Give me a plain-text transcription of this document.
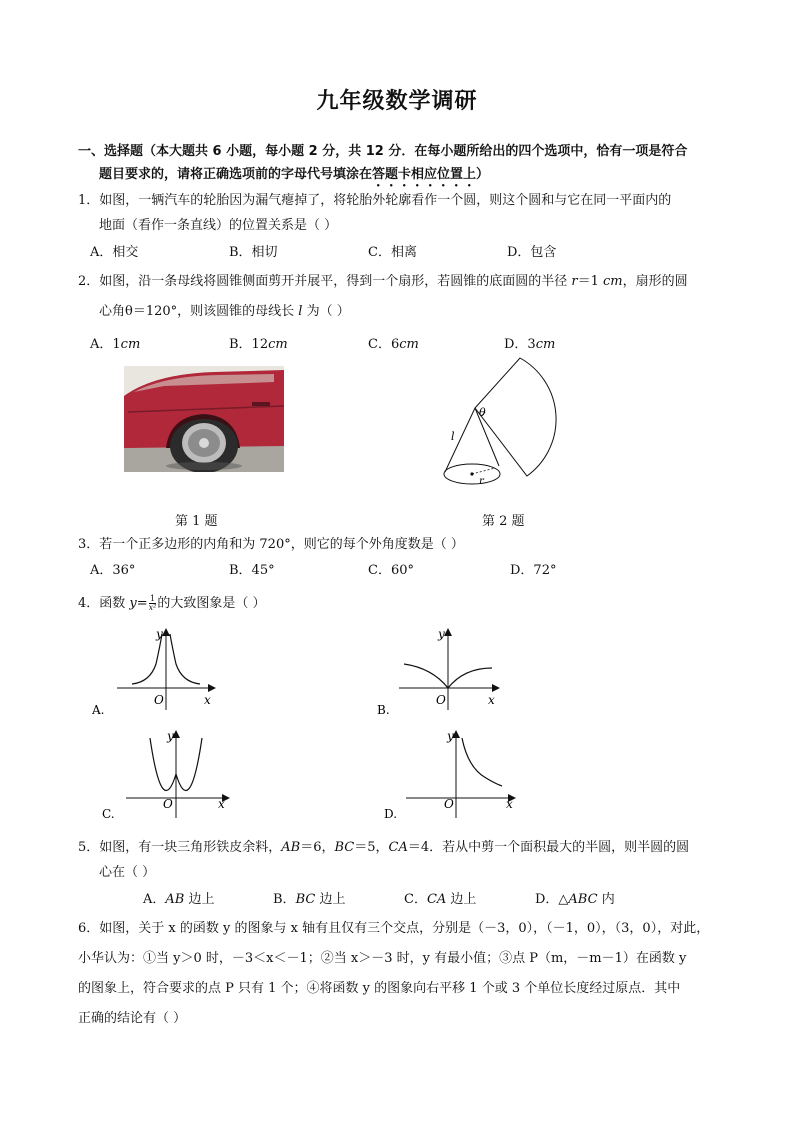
九年级数学调研
一、选择题（本大题共 6 小题，每小题 2 分，共 12 分．在每小题所给出的四个选项中，恰有一项是符合
题目要求的，请将正确选项前的字母代号填涂在答题卡相应位置上）
1．如图，一辆汽车的轮胎因为漏气瘪掉了，将轮胎外轮廓看作一个圆，则这个圆和与它在同一平面内的
地面（看作一条直线）的位置关系是（ ）
A．相交	B．相切	C．相离	D．包含
2．如图，沿一条母线将圆锥侧面剪开并展平，得到一个扇形，若圆锥的底面圆的半径 r＝1 cm，扇形的圆
心角θ＝120°，则该圆锥的母线长 l 为（ ）
A．1cm	B．12cm	C．6cm	D．3cm
第 1 题
θ
l
r
第 2 题
3．若一个正多边形的内角和为 720°，则它的每个外角度数是（ ）
A．36°	B．45°	C．60°	D．72°
4．函数 $y= \frac{1}{\text{x²}}$ 的大致图象是（ ）
x
y
O
A.
x
y
O
B.
x
y
O
C.
x
y
O
D.
5．如图，有一块三角形铁皮余料，AB＝6，BC＝5，CA＝4．若从中剪一个面积最大的半圆，则半圆的圆
心在（ ）
A．AB 边上	B．BC 边上	C．CA 边上	D．△ABC 内
6．如图，关于 x 的函数 y 的图象与 x 轴有且仅有三个交点，分别是（－3，0），（－1，0），（3，0），对此，
小华认为：①当 y＞0 时，－3＜x＜－1；②当 x＞－3 时，y 有最小值；③点 P（m，－m－1）在函数 y
的图象上，符合要求的点 P 只有 1 个；④将函数 y 的图象向右平移 1 个或 3 个单位长度经过原点．其中
正确的结论有（ ）
